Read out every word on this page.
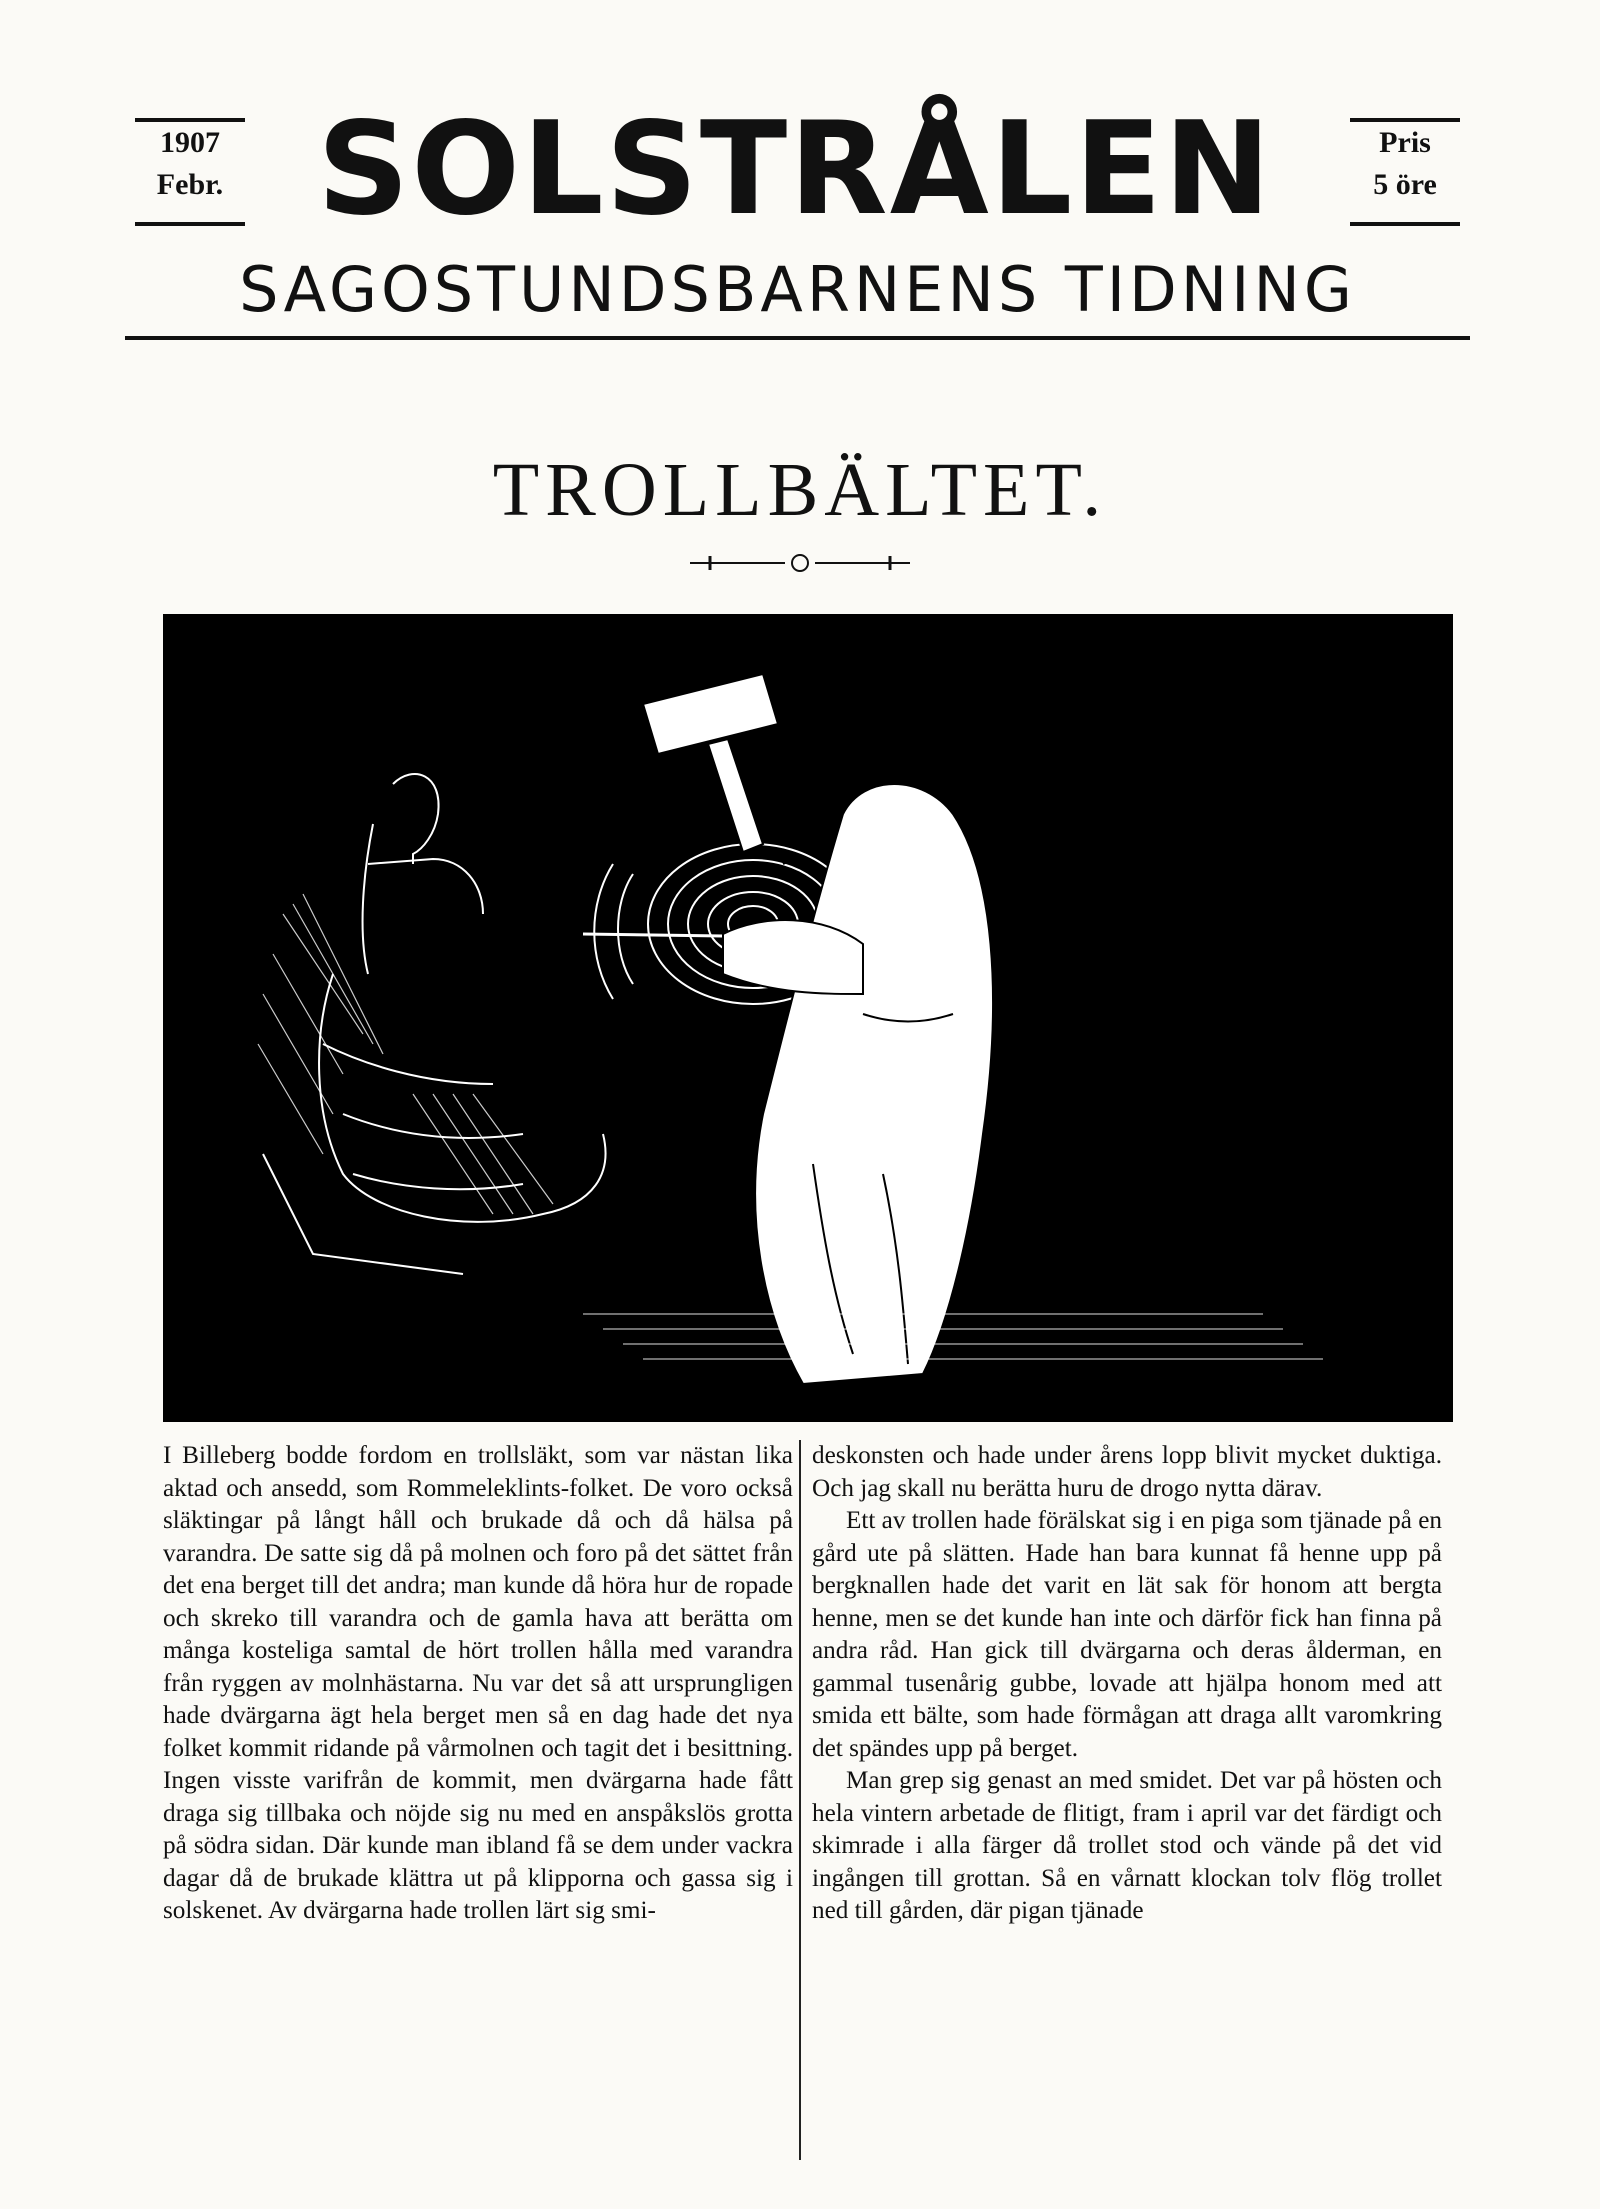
1907
Febr. SOLSTRÅLEN	Pris
5 öre
SAGOSTUNDSBARNENS TIDNING
TROLLBÄLTET.

I Billeberg bodde fordom en trollsläkt, som var nästan lika aktad och ansedd, som Rommeleklints-folket. De voro också släktingar på långt håll och brukade då och då hälsa på varandra. De satte sig då på molnen och foro på det sättet från det ena berget till det andra; man kunde då höra hur de ropade och skreko till varandra och de gamla hava att berätta om många kosteliga samtal de hört trollen hålla med varandra från ryggen av molnhästarna. Nu var det så att ursprungligen hade dvärgarna ägt hela berget men så en dag hade det nya folket kommit ridande på vårmolnen och tagit det i besittning. Ingen visste varifrån de kommit, men dvärgarna hade fått draga sig tillbaka och nöjde sig nu med en anspåkslös grotta på södra sidan. Där kunde man ibland få se dem under vackra dagar då de brukade klättra ut på klipporna och gassa sig i solskenet. Av dvärgarna hade trollen lärt sig smi-

deskonsten och hade under årens lopp blivit mycket duktiga. Och jag skall nu berätta huru de drogo nytta därav.

Ett av trollen hade förälskat sig i en piga som tjänade på en gård ute på slätten. Hade han bara kunnat få henne upp på bergknallen hade det varit en lät sak för honom att bergta henne, men se det kunde han inte och därför fick han finna på andra råd. Han gick till dvärgarna och deras ålderman, en gammal tusenårig gubbe, lovade att hjälpa honom med att smida ett bälte, som hade förmågan att draga allt varomkring det spändes upp på berget.

Man grep sig genast an med smidet. Det var på hösten och hela vintern arbetade de flitigt, fram i april var det färdigt och skimrade i alla färger då trollet stod och vände på det vid ingången till grottan. Så en vårnatt klockan tolv flög trollet ned till gården, där pigan tjänade
